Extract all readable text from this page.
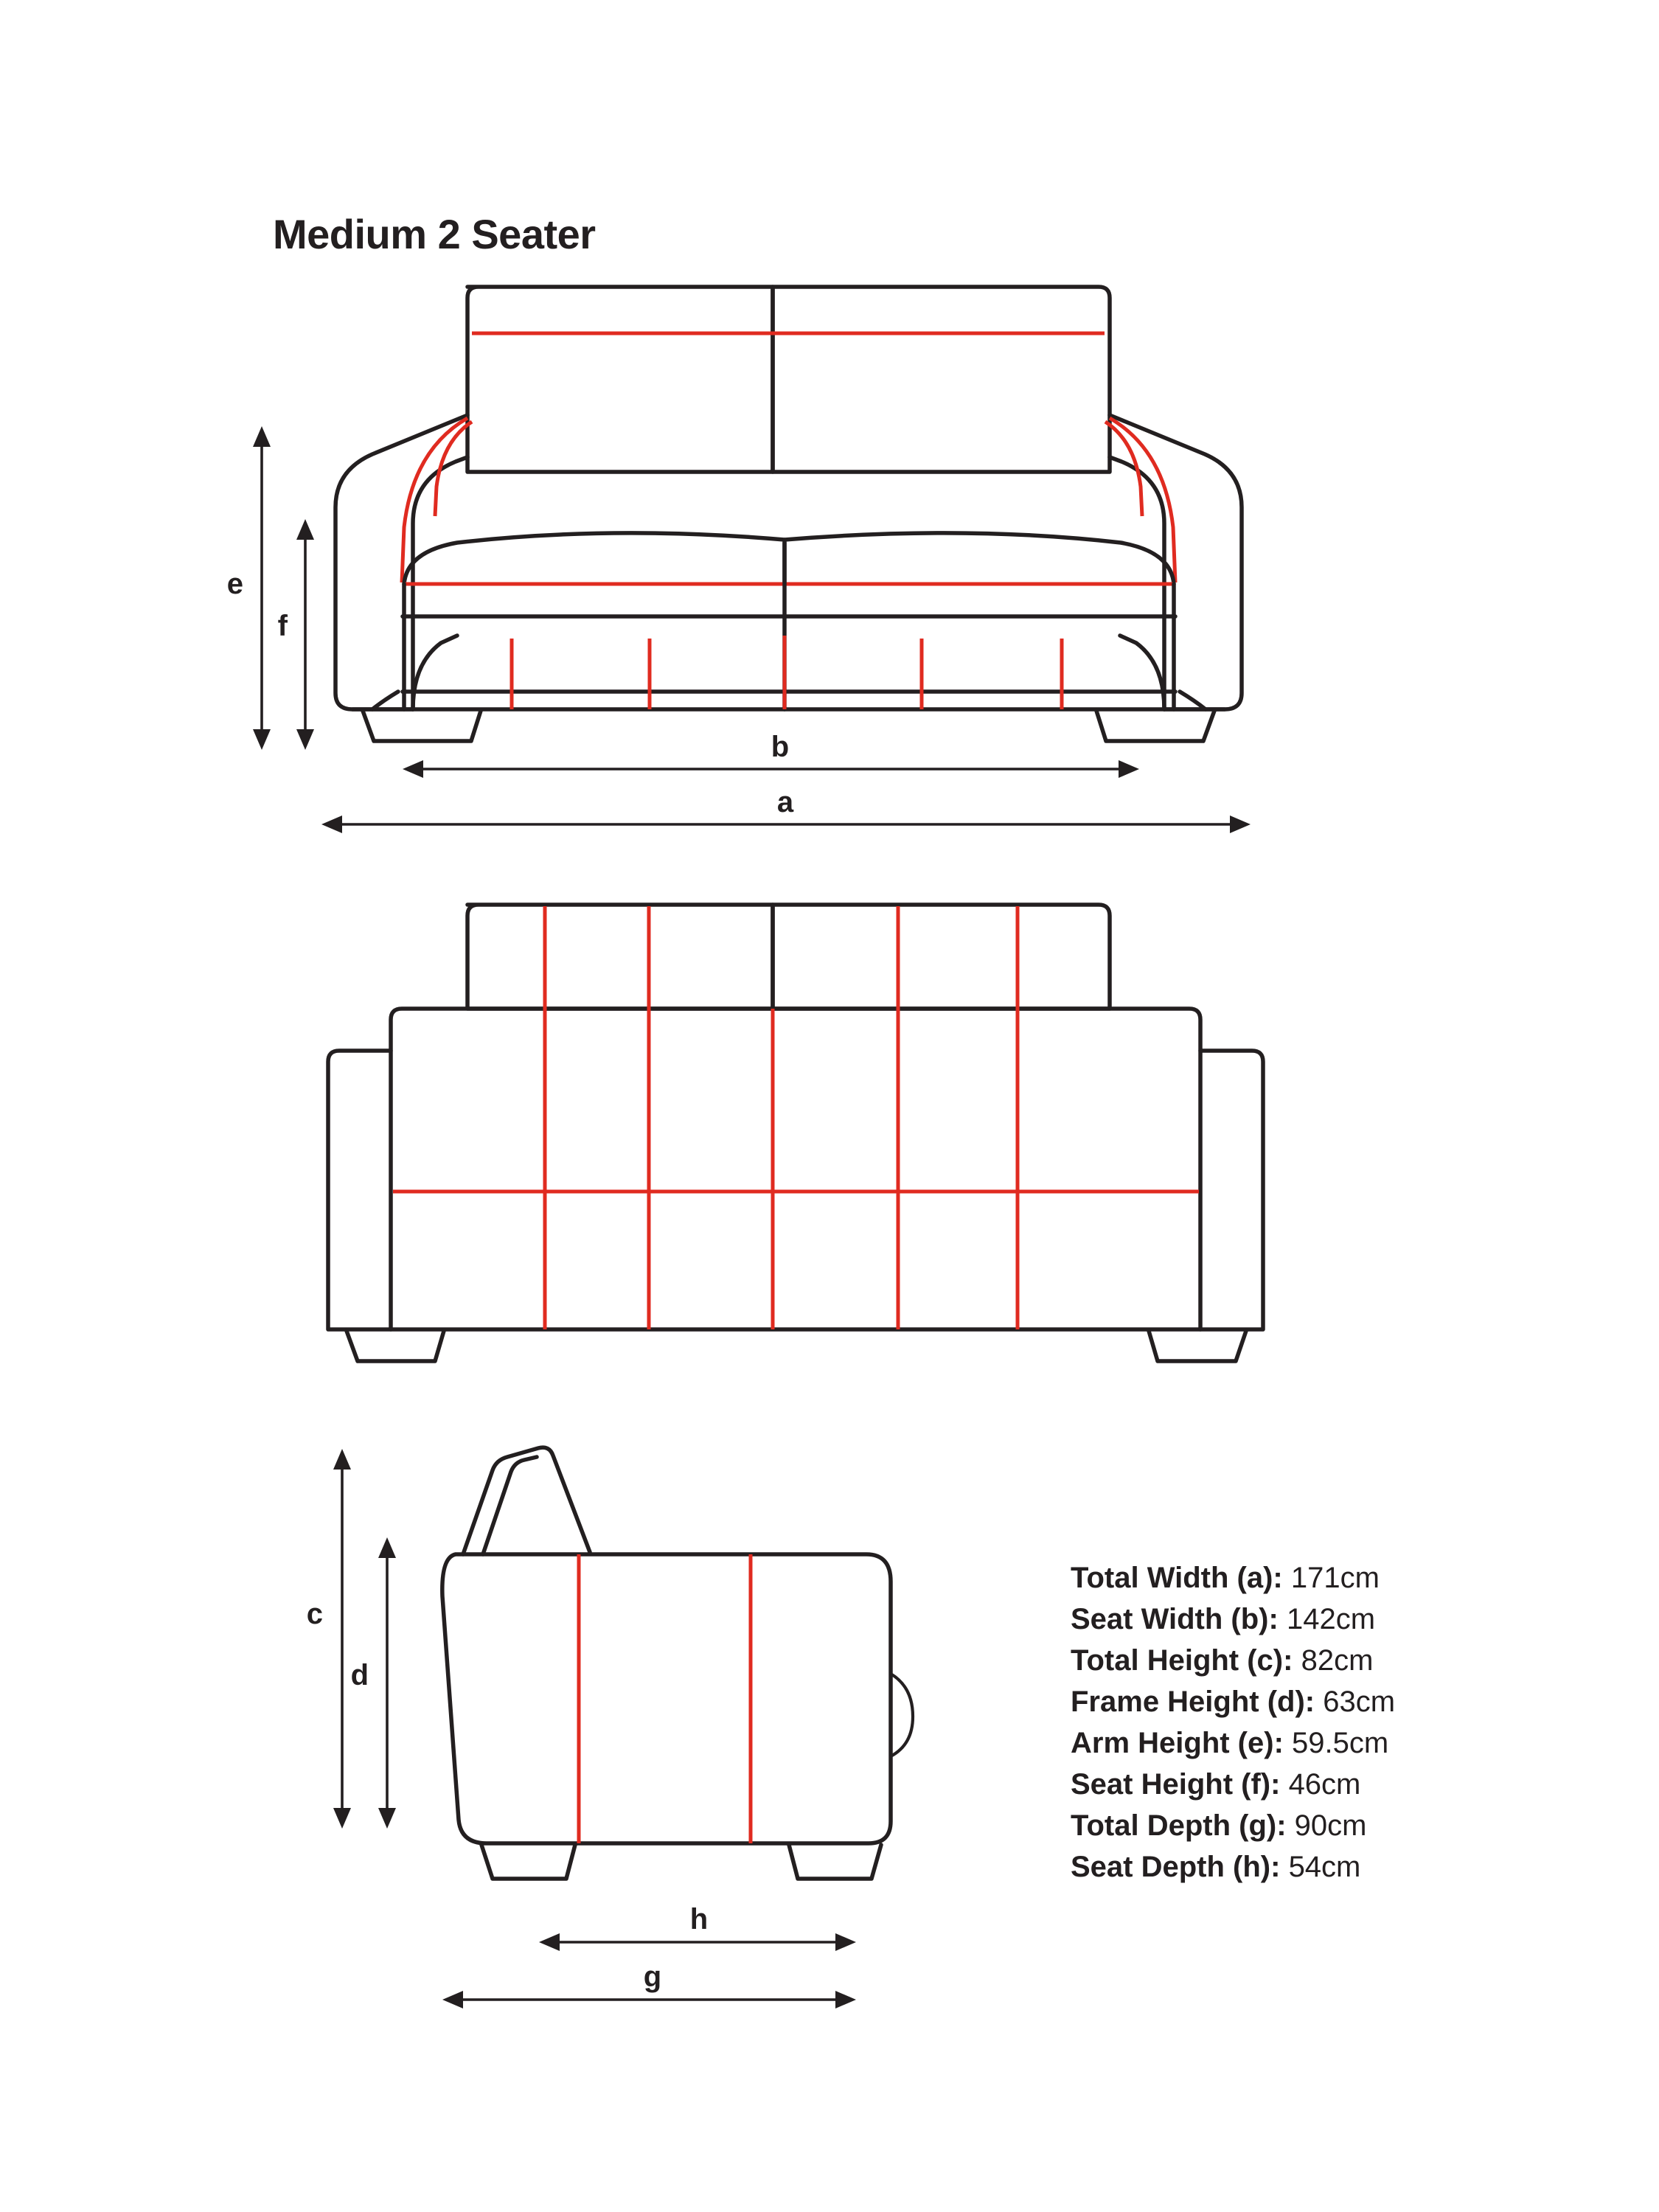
Medium 2 Seater
e
f
b
a
c
d
h
g
Total Width (a): 171cm
Seat Width (b): 142cm
Total Height (c): 82cm
Frame Height (d): 63cm
Arm Height (e): 59.5cm
Seat Height (f): 46cm
Total Depth (g): 90cm
Seat Depth (h): 54cm
